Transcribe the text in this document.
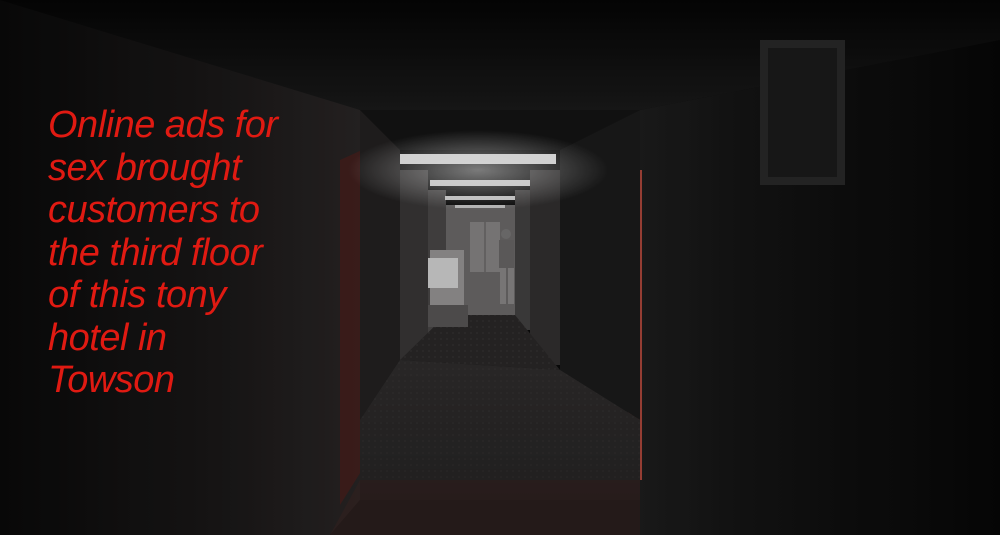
Online ads for
sex brought
customers to
the third floor
of this tony
hotel in
Towson
